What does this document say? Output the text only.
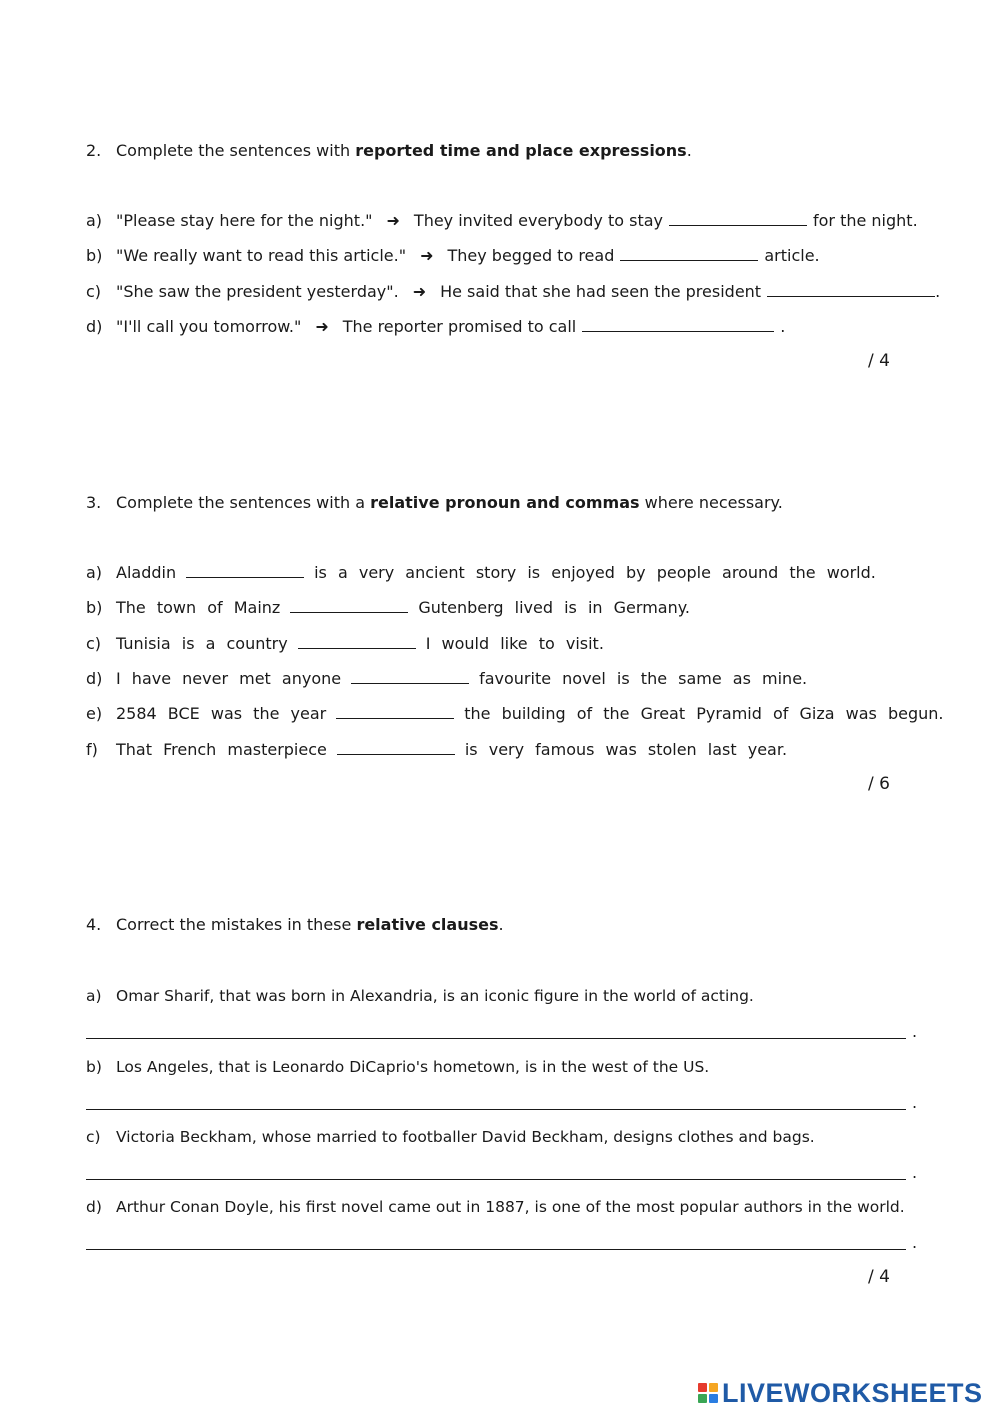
2. Complete the sentences with reported time and place expressions.
a) "Please stay here for the night." ➜ They invited everybody to stay	for the night.
b) "We really want to read this article." ➜ They begged to read	article.
c) "She saw the president yesterday". ➜ He said that she had seen the president	.
d) "I'll call you tomorrow." ➜ The reporter promised to call	.
/ 4
3. Complete the sentences with a relative pronoun and commas where necessary.
a) Aladdin	is a very ancient story is enjoyed by people around the world.
b) The town of Mainz	Gutenberg lived is in Germany.
c) Tunisia is a country	I would like to visit.
d) I have never met anyone	favourite novel is the same as mine.
e) 2584 BCE was the year	the building of the Great Pyramid of Giza was begun.
f) That French masterpiece	is very famous was stolen last year.
/ 6
4. Correct the mistakes in these relative clauses.
a) Omar Sharif, that was born in Alexandria, is an iconic figure in the world of acting.
.
b) Los Angeles, that is Leonardo DiCaprio's hometown, is in the west of the US.
.
c) Victoria Beckham, whose married to footballer David Beckham, designs clothes and bags.
.
d) Arthur Conan Doyle, his first novel came out in 1887, is one of the most popular authors in the world.
.
/ 4
LIVEWORKSHEETS
